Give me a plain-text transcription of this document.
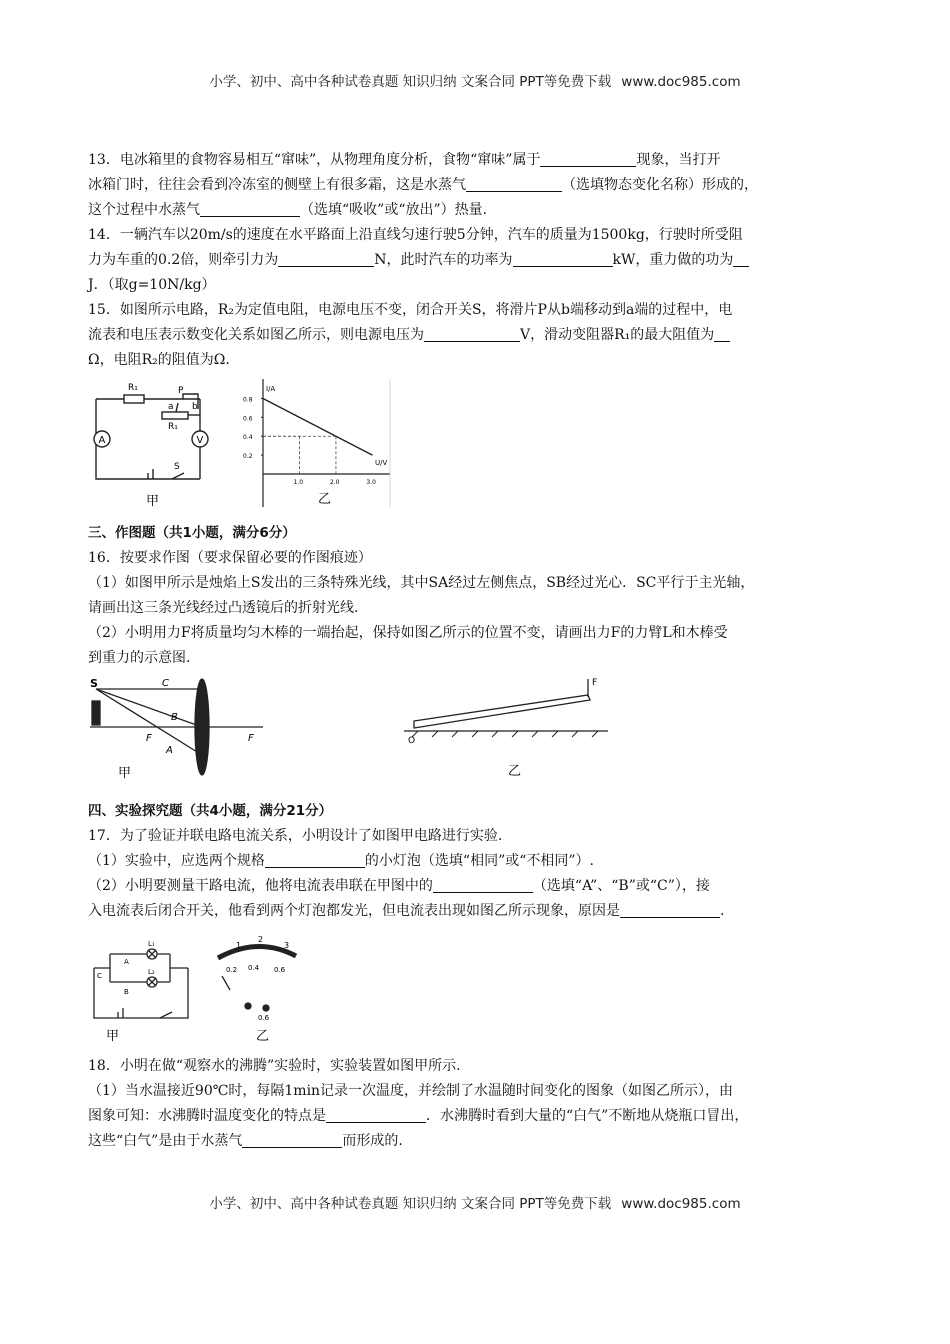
小学、初中、高中各种试卷真题 知识归纳 文案合同 PPT等免费下载 www.doc985.com

13．电冰箱里的食物容易相互“窜味”，从物理角度分析，食物“窜味”属于	现象，当打开

冰箱门时，往往会看到冷冻室的侧壁上有很多霜，这是水蒸气	（选填物态变化名称）形成的，

这个过程中水蒸气	（选填“吸收”或“放出”）热量.

14．一辆汽车以20m/s的速度在水平路面上沿直线匀速行驶5分钟，汽车的质量为1500kg，行驶时所受阻

力为车重的0.2倍，则牵引力为	N，此时汽车的功率为	kW，重力做的功为

J．（取g=10N/kg）

15．如图所示电路，R₂为定值电阻，电源电压不变，闭合开关S，将滑片P从b端移动到a端的过程中，电

流表和电压表示数变化关系如图乙所示，则电源电压为	V，滑动变阻器R₁的最大阻值为

Ω，电阻R₂的阻值为Ω.

A	V
R₁
R₁
a b
P
S
甲
0.8
0.6
0.4
0.2
1.0	2.0	3.0
I/A
U/V
乙

三、作图题（共1小题，满分6分）

16．按要求作图（要求保留必要的作图痕迹）

（1）如图甲所示是烛焰上S发出的三条特殊光线，其中SA经过左侧焦点，SB经过光心．SC平行于主光轴，

请画出这三条光线经过凸透镜后的折射光线.

（2）小明用力F将质量均匀木棒的一端抬起，保持如图乙所示的位置不变，请画出力F的力臂L和木棒受

到重力的示意图.

S	C
B
A
F	F
甲
F
O
乙

四、实验探究题（共4小题，满分21分）

17．为了验证并联电路电流关系，小明设计了如图甲电路进行实验.

（1）实验中，应选两个规格	的小灯泡（选填“相同”或“不相同”）.

（2）小明要测量干路电流，他将电流表串联在甲图中的	（选填“A”、“B”或“C”），接

入电流表后闭合开关，他看到两个灯泡都发光，但电流表出现如图乙所示现象，原因是	.

L₁
L₂
A
B
C
甲
1
2
3
0.2 0.4 0.6
0.6
乙

18．小明在做“观察水的沸腾”实验时，实验装置如图甲所示.

（1）当水温接近90℃时，每隔1min记录一次温度，并绘制了水温随时间变化的图象（如图乙所示），由

图象可知：水沸腾时温度变化的特点是	．水沸腾时看到大量的“白气”不断地从烧瓶口冒出，

这些“白气”是由于水蒸气	而形成的.

小学、初中、高中各种试卷真题 知识归纳 文案合同 PPT等免费下载 www.doc985.com
